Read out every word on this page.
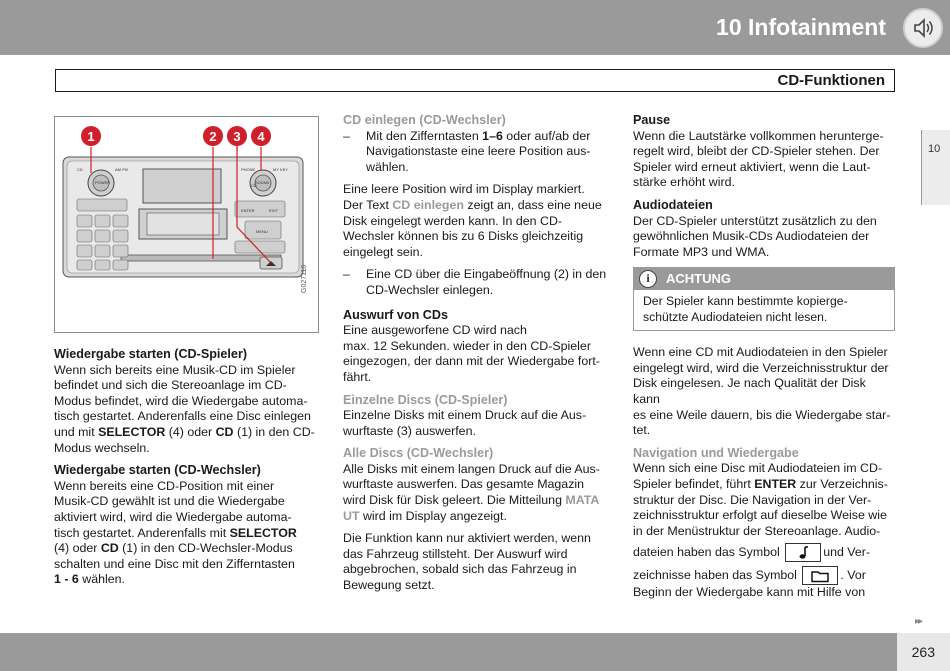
10 Infotainment
CD-Funktionen
10
CD	AM FM
POWER
PHONE	MY KEY
SOUND
ENTER	EXIT
MENU
CD
1	2 3 4
G027116
Wiedergabe starten (CD-Spieler)
Wenn sich bereits eine Musik-CD im Spieler
befindet und sich die Stereoanlage im CD-
Modus befindet, wird die Wiedergabe automa-
tisch gestartet. Anderenfalls eine Disc einlegen
und mit SELECTOR (4) oder CD (1) in den CD-
Modus wechseln.
Wiedergabe starten (CD-Wechsler)
Wenn bereits eine CD-Position mit einer
Musik-CD gewählt ist und die Wiedergabe
aktiviert wird, wird die Wiedergabe automa-
tisch gestartet. Anderenfalls mit SELECTOR
(4) oder CD (1) in den CD-Wechsler-Modus
schalten und eine Disc mit den Zifferntasten
1 - 6 wählen.
CD einlegen (CD-Wechsler)
– Mit den Zifferntasten 1–6 oder auf/ab der
Navigationstaste eine leere Position aus-
wählen.
Eine leere Position wird im Display markiert.
Der Text CD einlegen zeigt an, dass eine neue
Disk eingelegt werden kann. In den CD-
Wechsler können bis zu 6 Disks gleichzeitig
eingelegt sein.
– Eine CD über die Eingabeöffnung (2) in den
CD-Wechsler einlegen.
Auswurf von CDs
Eine ausgeworfene CD wird nach
max. 12 Sekunden. wieder in den CD-Spieler
eingezogen, der dann mit der Wiedergabe fort-
fährt.
Einzelne Discs (CD-Spieler)
Einzelne Disks mit einem Druck auf die Aus-
wurftaste (3) auswerfen.
Alle Discs (CD-Wechsler)
Alle Disks mit einem langen Druck auf die Aus-
wurftaste auswerfen. Das gesamte Magazin
wird Disk für Disk geleert. Die Mitteilung MATA
UT wird im Display angezeigt.
Die Funktion kann nur aktiviert werden, wenn
das Fahrzeug stillsteht. Der Auswurf wird
abgebrochen, sobald sich das Fahrzeug in
Bewegung setzt.
Pause
Wenn die Lautstärke vollkommen herunterge-
regelt wird, bleibt der CD-Spieler stehen. Der
Spieler wird erneut aktiviert, wenn die Laut-
stärke erhöht wird.
Audiodateien
Der CD-Spieler unterstützt zusätzlich zu den
gewöhnlichen Musik-CDs Audiodateien der
Formate MP3 und WMA.
i	ACHTUNG
Der Spieler kann bestimmte kopierge-
schützte Audiodateien nicht lesen.
Wenn eine CD mit Audiodateien in den Spieler
eingelegt wird, wird die Verzeichnisstruktur der
Disk eingelesen. Je nach Qualität der Disk kann
es eine Weile dauern, bis die Wiedergabe star-
tet.
Navigation und Wiedergabe
Wenn sich eine Disc mit Audiodateien im CD-
Spieler befindet, führt ENTER zur Verzeichnis-
struktur der Disc. Die Navigation in der Ver-
zeichnisstruktur erfolgt auf dieselbe Weise wie
in der Menüstruktur der Stereoanlage. Audio-
dateien haben das Symbol	und Ver-
zeichnisse haben das Symbol	. Vor
Beginn der Wiedergabe kann mit Hilfe von
▸▸
263
